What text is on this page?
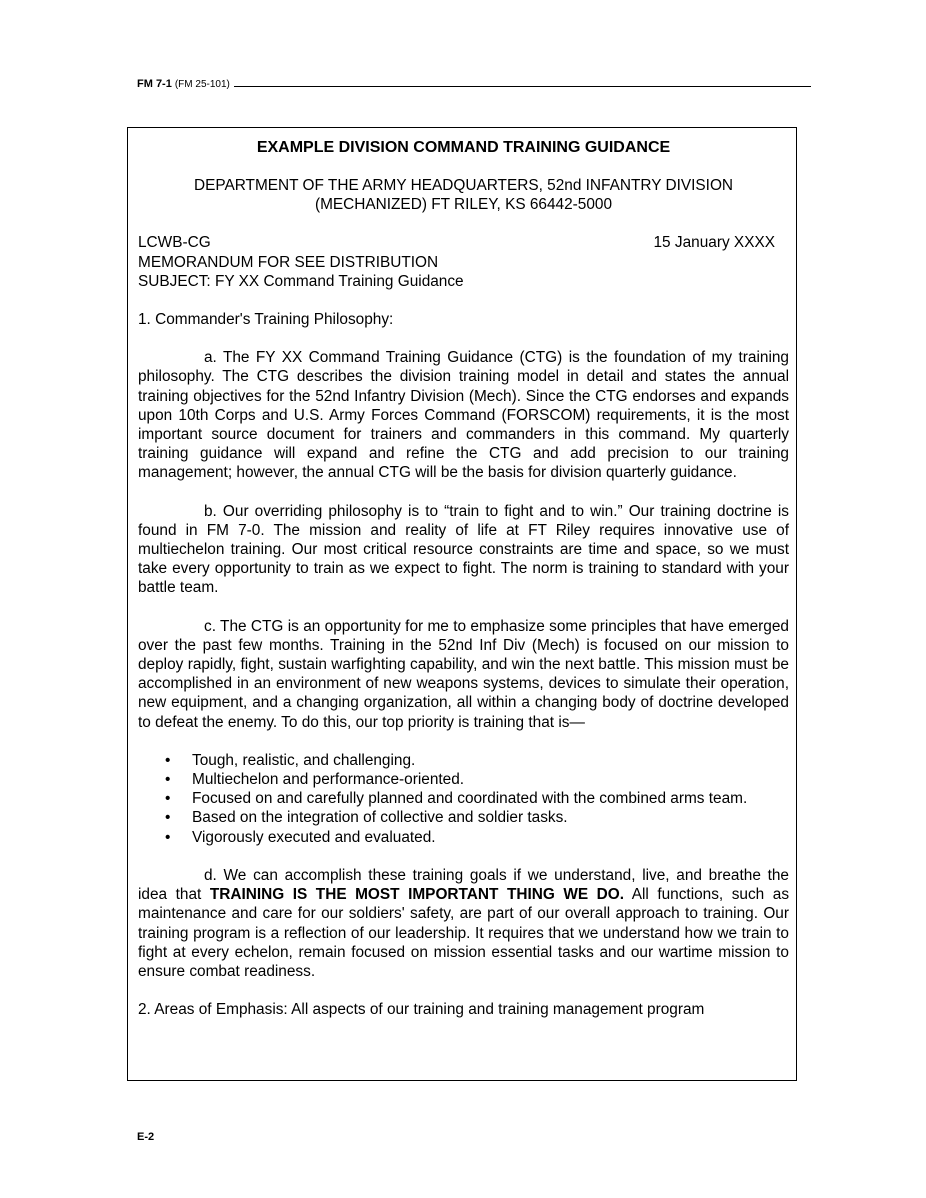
FM 7-1 (FM 25-101)

EXAMPLE DIVISION COMMAND TRAINING GUIDANCE

DEPARTMENT OF THE ARMY HEADQUARTERS, 52nd INFANTRY DIVISION
(MECHANIZED) FT RILEY, KS 66442-5000
LCWB-CG	15 January XXXX
MEMORANDUM FOR SEE DISTRIBUTION
SUBJECT: FY XX Command Training Guidance

1. Commander's Training Philosophy:

a. The FY XX Command Training Guidance (CTG) is the foundation of my training philosophy. The CTG describes the division training model in detail and states the annual training objectives for the 52nd Infantry Division (Mech). Since the CTG endorses and expands upon 10th Corps and U.S. Army Forces Command (FORSCOM) requirements, it is the most important source document for trainers and commanders in this command. My quarterly training guidance will expand and refine the CTG and add precision to our training management; however, the annual CTG will be the basis for division quarterly guidance.

b. Our overriding philosophy is to “train to fight and to win.” Our training doctrine is found in FM 7-0. The mission and reality of life at FT Riley requires innovative use of multiechelon training. Our most critical resource constraints are time and space, so we must take every opportunity to train as we expect to fight. The norm is training to standard with your battle team.

c. The CTG is an opportunity for me to emphasize some principles that have emerged over the past few months. Training in the 52nd Inf Div (Mech) is focused on our mission to deploy rapidly, fight, sustain warfighting capability, and win the next battle. This mission must be accomplished in an environment of new weapons systems, devices to simulate their operation, new equipment, and a changing organization, all within a changing body of doctrine developed to defeat the enemy. To do this, our top priority is training that is—

• Tough, realistic, and challenging.
• Multiechelon and performance-oriented.
• Focused on and carefully planned and coordinated with the combined arms team.
• Based on the integration of collective and soldier tasks.
• Vigorously executed and evaluated.

d. We can accomplish these training goals if we understand, live, and breathe the idea that TRAINING IS THE MOST IMPORTANT THING WE DO. All functions, such as maintenance and care for our soldiers' safety, are part of our overall approach to training. Our training program is a reflection of our leadership. It requires that we understand how we train to fight at every echelon, remain focused on mission essential tasks and our wartime mission to ensure combat readiness.

2. Areas of Emphasis: All aspects of our training and training management program

E-2
